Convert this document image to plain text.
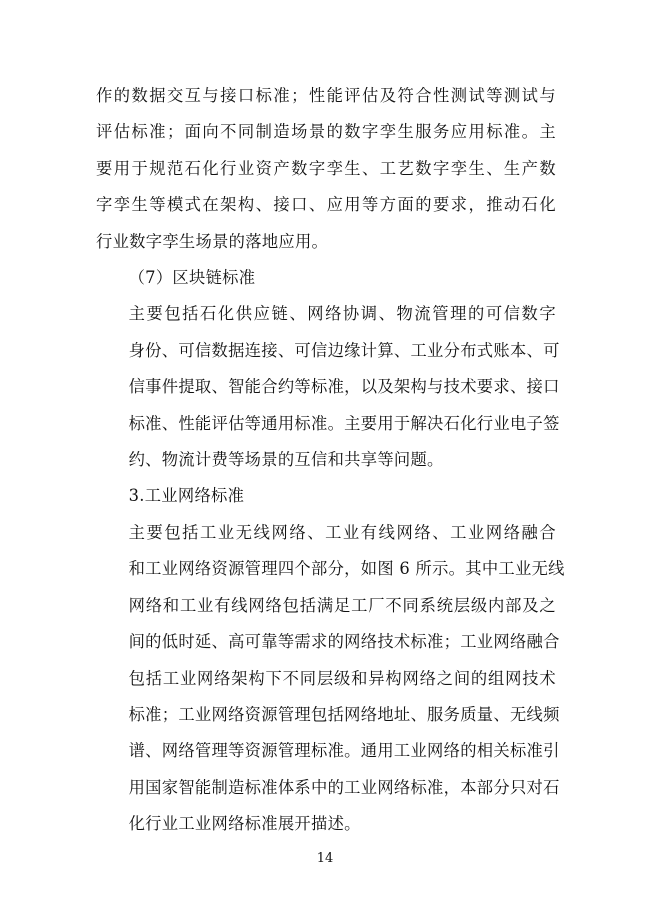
作的数据交互与接口标准；性能评估及符合性测试等测试与
评估标准；面向不同制造场景的数字孪生服务应用标准。主
要用于规范石化行业资产数字孪生、工艺数字孪生、生产数
字孪生等模式在架构、接口、应用等方面的要求，推动石化
行业数字孪生场景的落地应用。

（7）区块链标准

主要包括石化供应链、网络协调、物流管理的可信数字
身份、可信数据连接、可信边缘计算、工业分布式账本、可
信事件提取、智能合约等标准，以及架构与技术要求、接口
标准、性能评估等通用标准。主要用于解决石化行业电子签
约、物流计费等场景的互信和共享等问题。

3.工业网络标准

主要包括工业无线网络、工业有线网络、工业网络融合
和工业网络资源管理四个部分，如图 6 所示。其中工业无线
网络和工业有线网络包括满足工厂不同系统层级内部及之
间的低时延、高可靠等需求的网络技术标准；工业网络融合
包括工业网络架构下不同层级和异构网络之间的组网技术
标准；工业网络资源管理包括网络地址、服务质量、无线频
谱、网络管理等资源管理标准。通用工业网络的相关标准引
用国家智能制造标准体系中的工业网络标准，本部分只对石
化行业工业网络标准展开描述。

14
